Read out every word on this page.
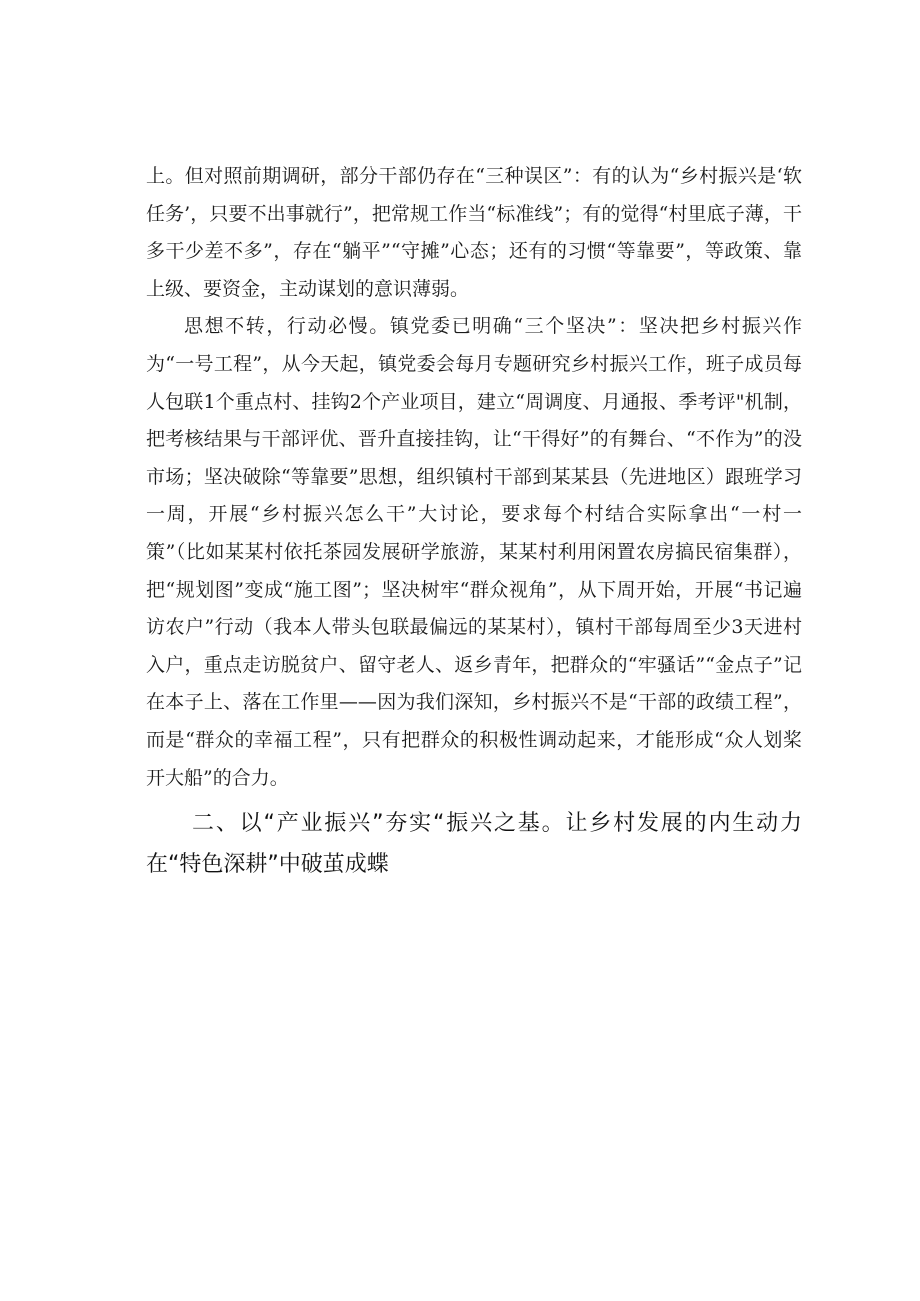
上。但对照前期调研，部分干部仍存在“三种误区”：有的认为“乡村振兴是‘软任务’，只要不出事就行”，把常规工作当“标准线”；有的觉得“村里底子薄，干多干少差不多”，存在“躺平”“守摊”心态；还有的习惯“等靠要”，等政策、靠上级、要资金，主动谋划的意识薄弱。

思想不转，行动必慢。镇党委已明确“三个坚决”：坚决把乡村振兴作为“一号工程”，从今天起，镇党委会每月专题研究乡村振兴工作，班子成员每人包联1个重点村、挂钩2个产业项目，建立“周调度、月通报、季考评"机制，把考核结果与干部评优、晋升直接挂钩，让“干得好”的有舞台、“不作为”的没市场；坚决破除“等靠要”思想，组织镇村干部到某某县（先进地区）跟班学习一周，开展“乡村振兴怎么干”大讨论，要求每个村结合实际拿出“一村一策”（比如某某村依托茶园发展研学旅游，某某村利用闲置农房搞民宿集群），把“规划图”变成“施工图”；坚决树牢“群众视角”，从下周开始，开展“书记遍访农户”行动（我本人带头包联最偏远的某某村），镇村干部每周至少3天进村入户，重点走访脱贫户、留守老人、返乡青年，把群众的“牢骚话”“金点子”记在本子上、落在工作里——因为我们深知，乡村振兴不是“干部的政绩工程”，而是“群众的幸福工程”，只有把群众的积极性调动起来，才能形成“众人划桨开大船”的合力。

二、以“产业振兴”夯实“振兴之基。让乡村发展的内生动力在“特色深耕”中破茧成蝶
